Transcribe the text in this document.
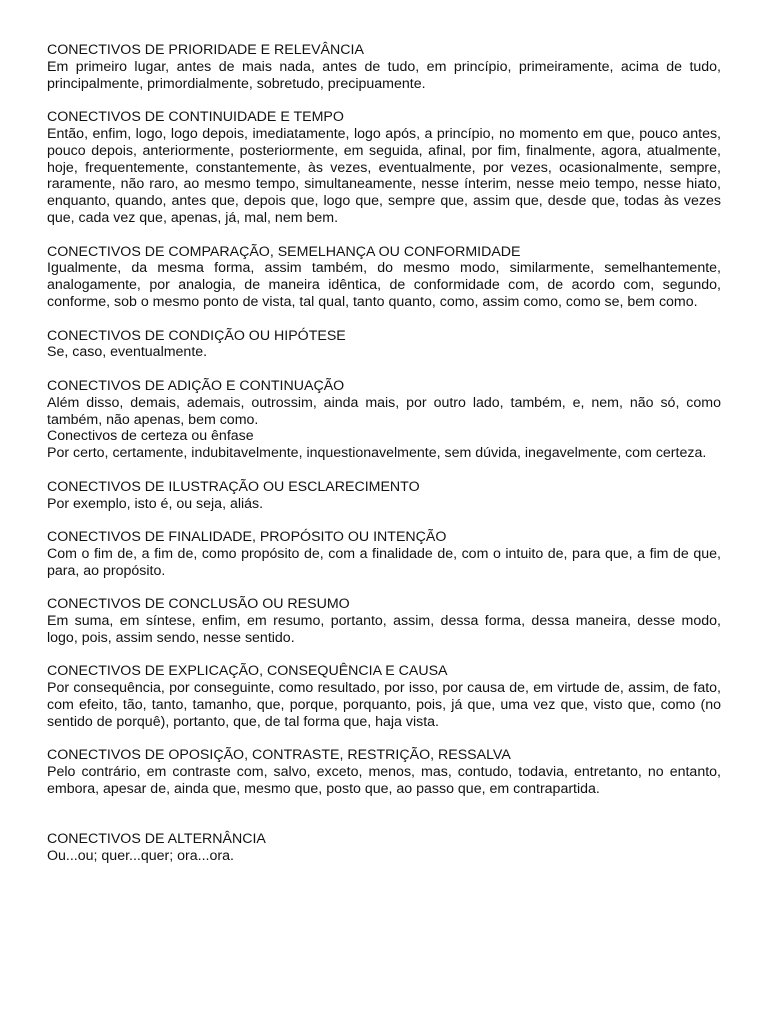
CONECTIVOS DE PRIORIDADE E RELEVÂNCIA

Em primeiro lugar, antes de mais nada, antes de tudo, em princípio, primeiramente, acima de tudo, principalmente, primordialmente, sobretudo, precipuamente.

CONECTIVOS DE CONTINUIDADE E TEMPO

Então, enfim, logo, logo depois, imediatamente, logo após, a princípio, no momento em que, pouco antes, pouco depois, anteriormente, posteriormente, em seguida, afinal, por fim, finalmente, agora, atualmente, hoje, frequentemente, constantemente, às vezes, eventualmente, por vezes, ocasionalmente, sempre, raramente, não raro, ao mesmo tempo, simultaneamente, nesse ínterim, nesse meio tempo, nesse hiato, enquanto, quando, antes que, depois que, logo que, sempre que, assim que, desde que, todas às vezes que, cada vez que, apenas, já, mal, nem bem.

CONECTIVOS DE COMPARAÇÃO, SEMELHANÇA OU CONFORMIDADE

Igualmente, da mesma forma, assim também, do mesmo modo, similarmente, semelhantemente, analogamente, por analogia, de maneira idêntica, de conformidade com, de acordo com, segundo, conforme, sob o mesmo ponto de vista, tal qual, tanto quanto, como, assim como, como se, bem como.

CONECTIVOS DE CONDIÇÃO OU HIPÓTESE

Se, caso, eventualmente.

CONECTIVOS DE ADIÇÃO E CONTINUAÇÃO

Além disso, demais, ademais, outrossim, ainda mais, por outro lado, também, e, nem, não só, como também, não apenas, bem como.

Conectivos de certeza ou ênfase

Por certo, certamente, indubitavelmente, inquestionavelmente, sem dúvida, inegavelmente, com certeza.

CONECTIVOS DE ILUSTRAÇÃO OU ESCLARECIMENTO

Por exemplo, isto é, ou seja, aliás.

CONECTIVOS DE FINALIDADE, PROPÓSITO OU INTENÇÃO

Com o fim de, a fim de, como propósito de, com a finalidade de, com o intuito de, para que, a fim de que, para, ao propósito.

CONECTIVOS DE CONCLUSÃO OU RESUMO

Em suma, em síntese, enfim, em resumo, portanto, assim, dessa forma, dessa maneira, desse modo, logo, pois, assim sendo, nesse sentido.

CONECTIVOS DE EXPLICAÇÃO, CONSEQUÊNCIA E CAUSA

Por consequência, por conseguinte, como resultado, por isso, por causa de, em virtude de, assim, de fato, com efeito, tão, tanto, tamanho, que, porque, porquanto, pois, já que, uma vez que, visto que, como (no sentido de porquê), portanto, que, de tal forma que, haja vista.

CONECTIVOS DE OPOSIÇÃO, CONTRASTE, RESTRIÇÃO, RESSALVA

Pelo contrário, em contraste com, salvo, exceto, menos, mas, contudo, todavia, entretanto, no entanto, embora, apesar de, ainda que, mesmo que, posto que, ao passo que, em contrapartida.

CONECTIVOS DE ALTERNÂNCIA

Ou...ou; quer...quer; ora...ora.
